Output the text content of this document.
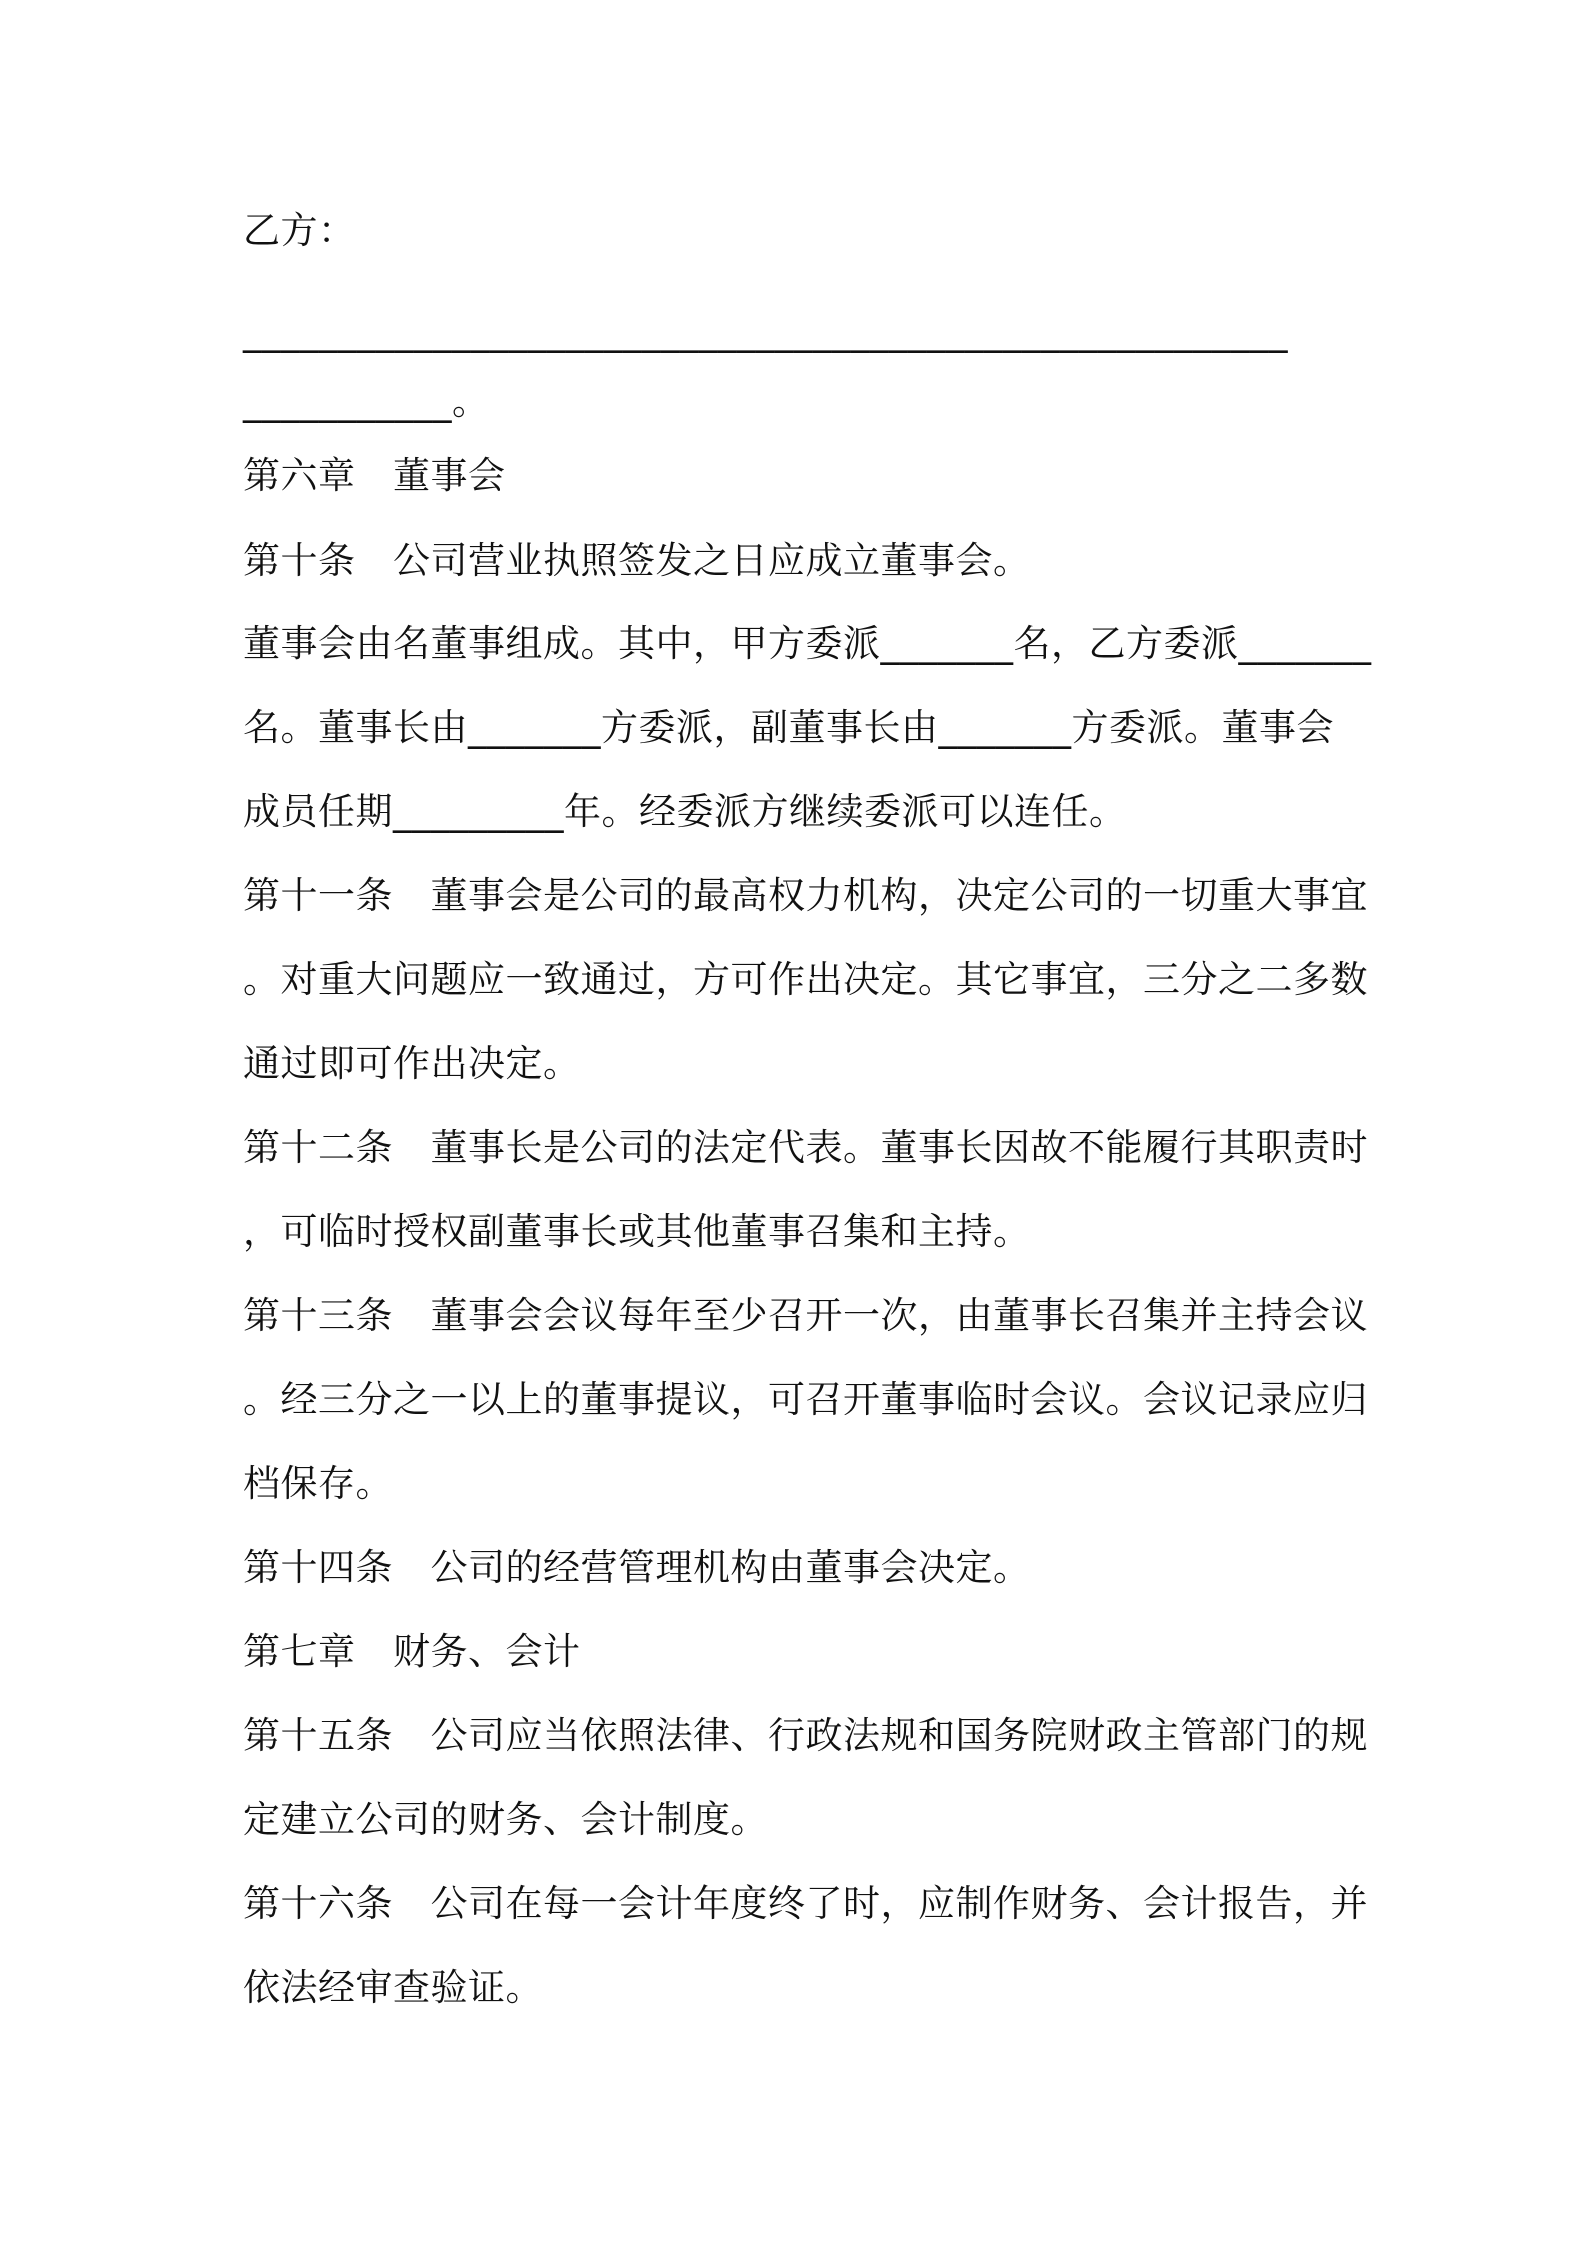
乙方：
_______________________________________________________
___________。
第六章　董事会
第十条　公司营业执照签发之日应成立董事会。
董事会由名董事组成。其中，甲方委派_______名，乙方委派_______
名。董事长由_______方委派，副董事长由_______方委派。董事会
成员任期_________年。经委派方继续委派可以连任。
第十一条　董事会是公司的最高权力机构，决定公司的一切重大事宜
。对重大问题应一致通过，方可作出决定。其它事宜，三分之二多数
通过即可作出决定。
第十二条　董事长是公司的法定代表。董事长因故不能履行其职责时
，可临时授权副董事长或其他董事召集和主持。
第十三条　董事会会议每年至少召开一次，由董事长召集并主持会议
。经三分之一以上的董事提议，可召开董事临时会议。会议记录应归
档保存。
第十四条　公司的经营管理机构由董事会决定。
第七章　财务、会计
第十五条　公司应当依照法律、行政法规和国务院财政主管部门的规
定建立公司的财务、会计制度。
第十六条　公司在每一会计年度终了时，应制作财务、会计报告，并
依法经审查验证。
